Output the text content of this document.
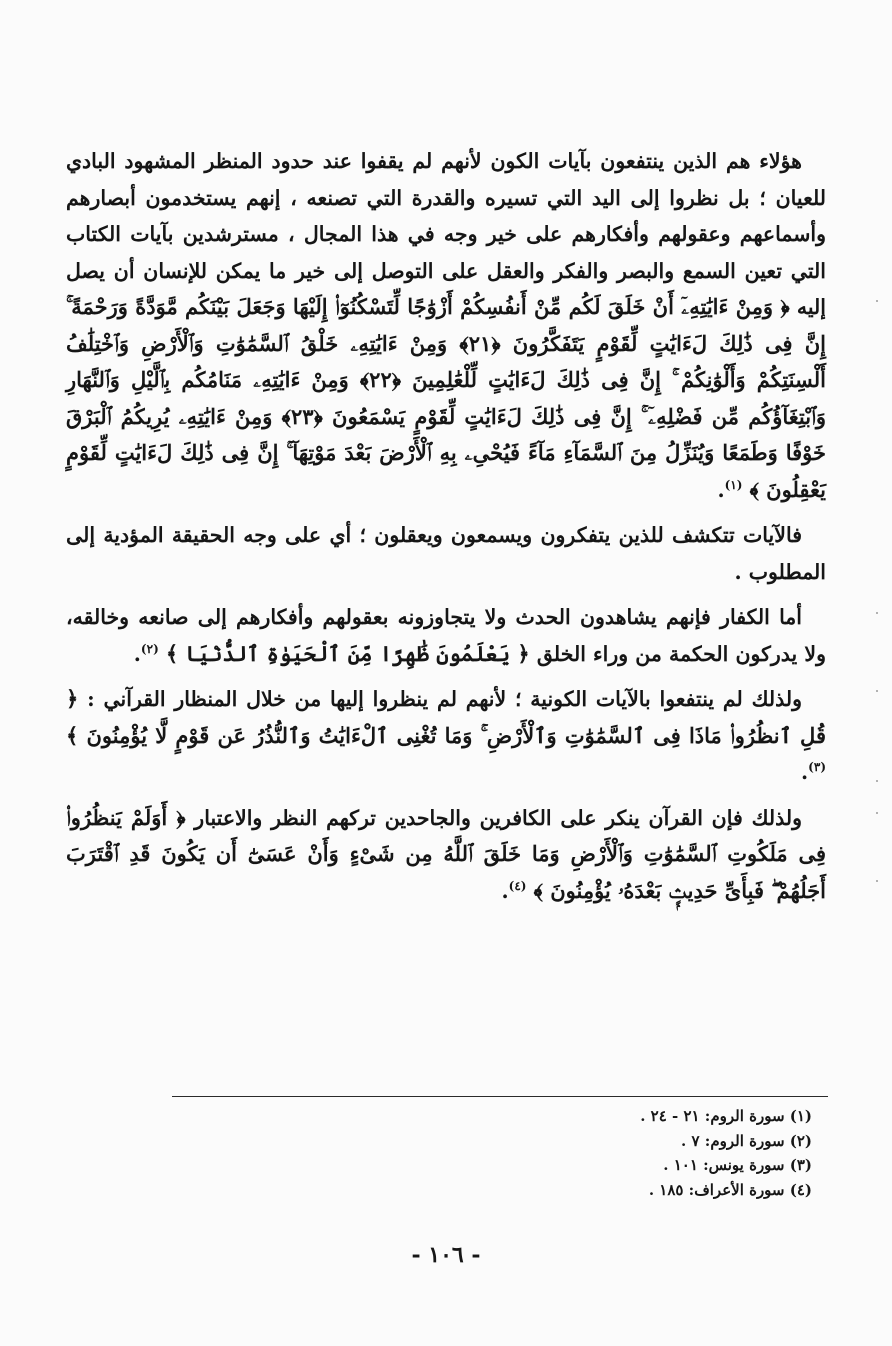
هؤلاء هم الذين ينتفعون بآيات الكون لأنهم لم يقفوا عند حدود المنظر المشهود البادي للعيان ؛ بل نظروا إلى اليد التي تسيره والقدرة التي تصنعه ، إنهم يستخدمون أبصارهم وأسماعهم وعقولهم وأفكارهم على خير وجه في هذا المجال ، مسترشدين بآيات الكتاب التي تعين السمع والبصر والفكر والعقل على التوصل إلى خير ما يمكن للإنسان أن يصل إليه ﴿ وَمِنْ ءَايَٰتِهِۦٓ أَنْ خَلَقَ لَكُم مِّنْ أَنفُسِكُمْ أَزْوَٰجًا لِّتَسْكُنُوٓا۟ إِلَيْهَا وَجَعَلَ بَيْنَكُم مَّوَدَّةً وَرَحْمَةً ۚ إِنَّ فِى ذَٰلِكَ لَءَايَٰتٍ لِّقَوْمٍ يَتَفَكَّرُونَ ﴿٢١﴾ وَمِنْ ءَايَٰتِهِۦ خَلْقُ ٱلسَّمَٰوَٰتِ وَٱلْأَرْضِ وَٱخْتِلَٰفُ أَلْسِنَتِكُمْ وَأَلْوَٰنِكُمْ ۚ إِنَّ فِى ذَٰلِكَ لَءَايَٰتٍ لِّلْعَٰلِمِينَ ﴿٢٢﴾ وَمِنْ ءَايَٰتِهِۦ مَنَامُكُم بِٱلَّيْلِ وَٱلنَّهَارِ وَٱبْتِغَآؤُكُم مِّن فَضْلِهِۦٓ ۚ إِنَّ فِى ذَٰلِكَ لَءَايَٰتٍ لِّقَوْمٍ يَسْمَعُونَ ﴿٢٣﴾ وَمِنْ ءَايَٰتِهِۦ يُرِيكُمُ ٱلْبَرْقَ خَوْفًا وَطَمَعًا وَيُنَزِّلُ مِنَ ٱلسَّمَآءِ مَآءً فَيُحْىِۦ بِهِ ٱلْأَرْضَ بَعْدَ مَوْتِهَآ ۚ إِنَّ فِى ذَٰلِكَ لَءَايَٰتٍ لِّقَوْمٍ يَعْقِلُونَ ﴾ $^{(١)}$.

فالآيات تتكشف للذين يتفكرون ويسمعون ويعقلون ؛ أي على وجه الحقيقة المؤدية إلى المطلوب .

أما الكفار فإنهم يشاهدون الحدث ولا يتجاوزونه بعقولهم وأفكارهم إلى صانعه وخالقه، ولا يدركون الحكمة من وراء الخلق ﴿ يَعْلَمُونَ ظَٰهِرًا مِّنَ ٱلْحَيَوٰةِ ٱلدُّنْيَا ﴾ $^{(٢)}$.

ولذلك لم ينتفعوا بالآيات الكونية ؛ لأنهم لم ينظروا إليها من خلال المنظار القرآني : ﴿ قُلِ ٱنظُرُوا۟ مَاذَا فِى ٱلسَّمَٰوَٰتِ وَٱلْأَرْضِ ۚ وَمَا تُغْنِى ٱلْءَايَٰتُ وَٱلنُّذُرُ عَن قَوْمٍ لَّا يُؤْمِنُونَ ﴾ $^{(٣)}$.

ولذلك فإن القرآن ينكر على الكافرين والجاحدين تركهم النظر والاعتبار ﴿ أَوَلَمْ يَنظُرُوا۟ فِى مَلَكُوتِ ٱلسَّمَٰوَٰتِ وَٱلْأَرْضِ وَمَا خَلَقَ ٱللَّهُ مِن شَىْءٍ وَأَنْ عَسَىٰٓ أَن يَكُونَ قَدِ ٱقْتَرَبَ أَجَلُهُمْ ۖ فَبِأَىِّ حَدِيثٍۭ بَعْدَهُۥ يُؤْمِنُونَ ﴾ $^{(٤)}$.

(١) سورة الروم: ٢١ - ٢٤ .
(٢) سورة الروم: ٧ .
(٣) سورة يونس: ١٠١ .
(٤) سورة الأعراف: ١٨٥ .
- ١٠٦ -
